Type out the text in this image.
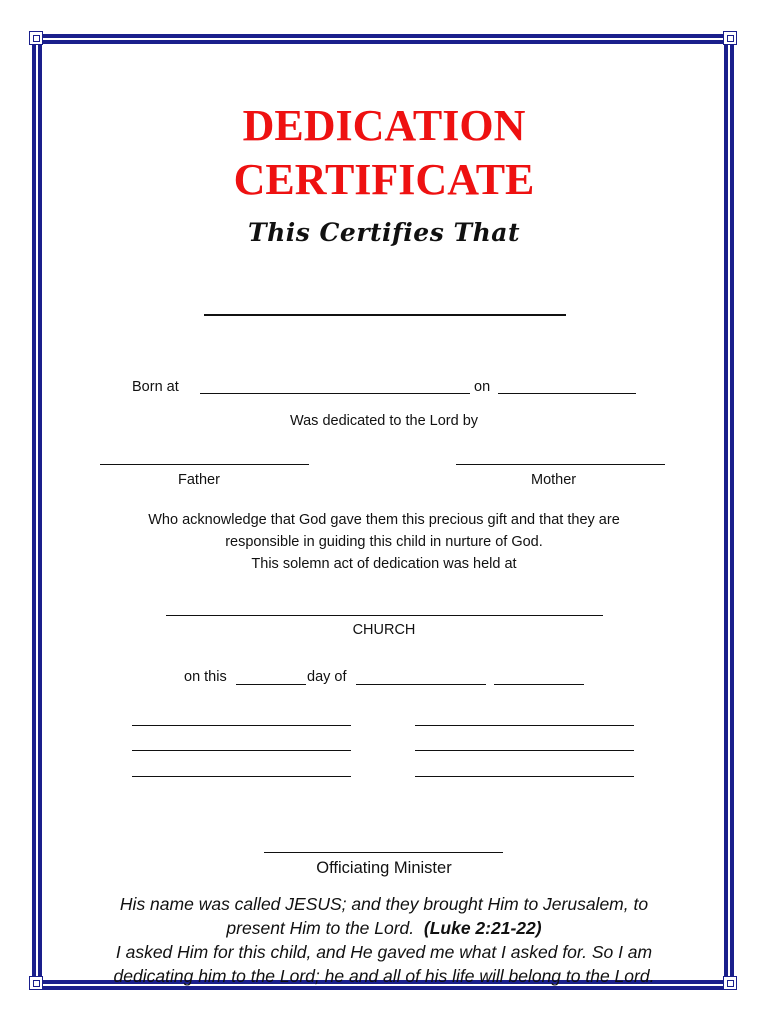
DEDICATION
CERTIFICATE
This Certifies That
Born at	on
Was dedicated to the Lord by
Father	Mother
Who acknowledge that God gave them this precious gift and that they are
responsible in guiding this child in nurture of God.
This solemn act of dedication was held at
CHURCH
on this	day of
Officiating Minister
His name was called JESUS; and they brought Him to Jerusalem, to
present Him to the Lord. (Luke 2:21-22)
I asked Him for this child, and He gaved me what I asked for. So I am
dedicating him to the Lord; he and all of his life will belong to the Lord.
